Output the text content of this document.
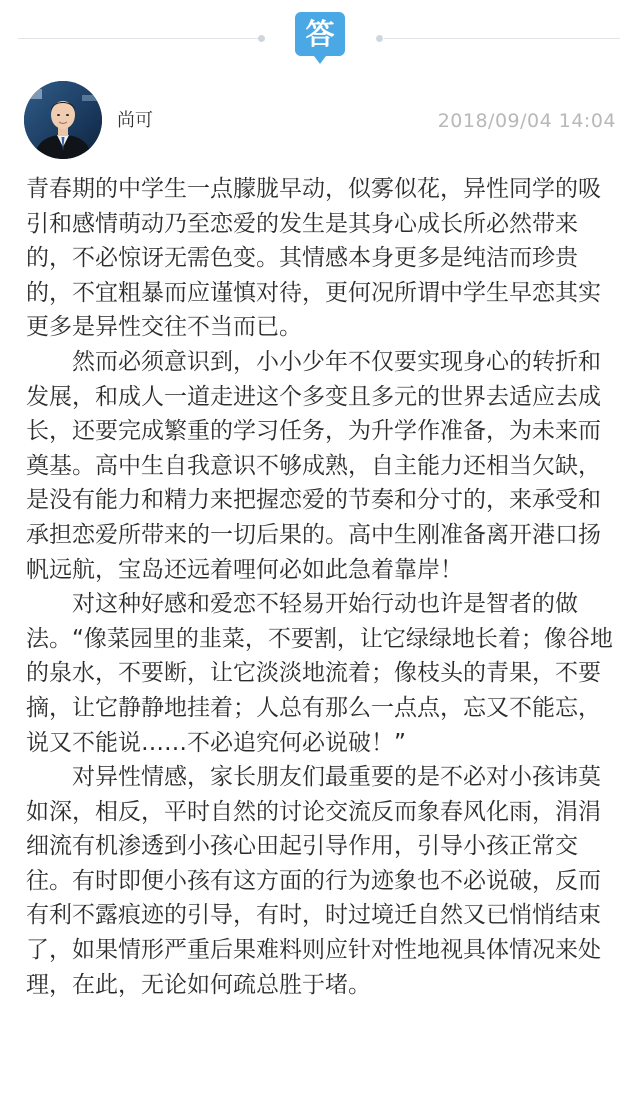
答
尚可	2018/09/04 14:04

青春期的中学生一点朦胧早动，似雾似花，异性同学的吸引和感情萌动乃至恋爱的发生是其身心成长所必然带来的，不必惊讶无需色变。其情感本身更多是纯洁而珍贵的，不宜粗暴而应谨慎对待，更何况所谓中学生早恋其实更多是异性交往不当而已。

然而必须意识到，小小少年不仅要实现身心的转折和发展，和成人一道走进这个多变且多元的世界去适应去成长，还要完成繁重的学习任务，为升学作准备，为未来而奠基。高中生自我意识不够成熟，自主能力还相当欠缺，是没有能力和精力来把握恋爱的节奏和分寸的，来承受和承担恋爱所带来的一切后果的。高中生刚准备离开港口扬帆远航，宝岛还远着哩何必如此急着靠岸！

对这种好感和爱恋不轻易开始行动也许是智者的做法。“像菜园里的韭菜，不要割，让它绿绿地长着；像谷地的泉水，不要断，让它淡淡地流着；像枝头的青果，不要摘，让它静静地挂着；人总有那么一点点，忘又不能忘，说又不能说……不必追究何必说破！”

对异性情感，家长朋友们最重要的是不必对小孩讳莫如深，相反，平时自然的讨论交流反而象春风化雨，涓涓细流有机渗透到小孩心田起引导作用，引导小孩正常交往。有时即便小孩有这方面的行为迹象也不必说破，反而有利不露痕迹的引导，有时，时过境迁自然又已悄悄结束了，如果情形严重后果难料则应针对性地视具体情况来处理，在此，无论如何疏总胜于堵。
